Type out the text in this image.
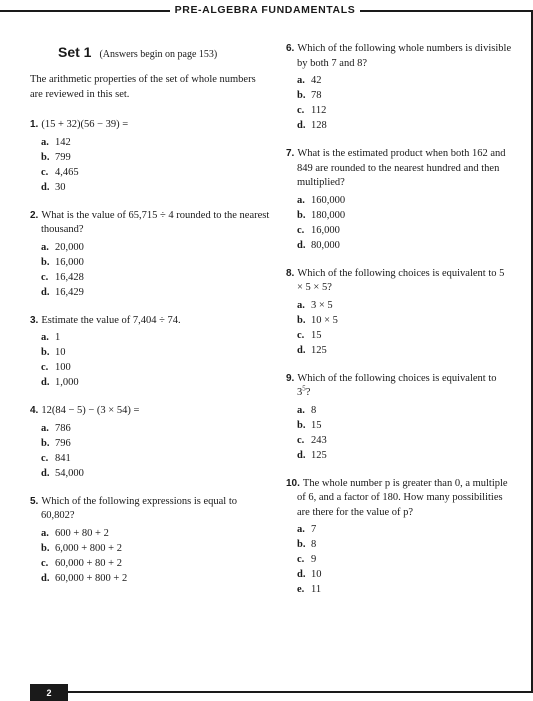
PRE-ALGEBRA FUNDAMENTALS
2
Set 1 (Answers begin on page 153)

The arithmetic properties of the set of whole numbers are reviewed in this set.

1. (15 + 32)(56 − 39) =
a. 142
b. 799
c. 4,465
d. 30
2. What is the value of 65,715 ÷ 4 rounded to the nearest thousand?
a. 20,000
b. 16,000
c. 16,428
d. 16,429
3. Estimate the value of 7,404 ÷ 74.
a. 1
b. 10
c. 100
d. 1,000
4. 12(84 − 5) − (3 × 54) =
a. 786
b. 796
c. 841
d. 54,000
5. Which of the following expressions is equal to 60,802?
a. 600 + 80 + 2
b. 6,000 + 800 + 2
c. 60,000 + 80 + 2
d. 60,000 + 800 + 2
6. Which of the following whole numbers is divisible by both 7 and 8?
a. 42
b. 78
c. 112
d. 128
7. What is the estimated product when both 162 and 849 are rounded to the nearest hundred and then multiplied?
a. 160,000
b. 180,000
c. 16,000
d. 80,000
8. Which of the following choices is equivalent to 5 × 5 × 5?
a. 3 × 5
b. 10 × 5
c. 15
d. 125
9. Which of the following choices is equivalent to $3^5$?
a. 8
b. 15
c. 243
d. 125
10. The whole number p is greater than 0, a multiple of 6, and a factor of 180. How many possibilities are there for the value of p?
a. 7
b. 8
c. 9
d. 10
e. 11
